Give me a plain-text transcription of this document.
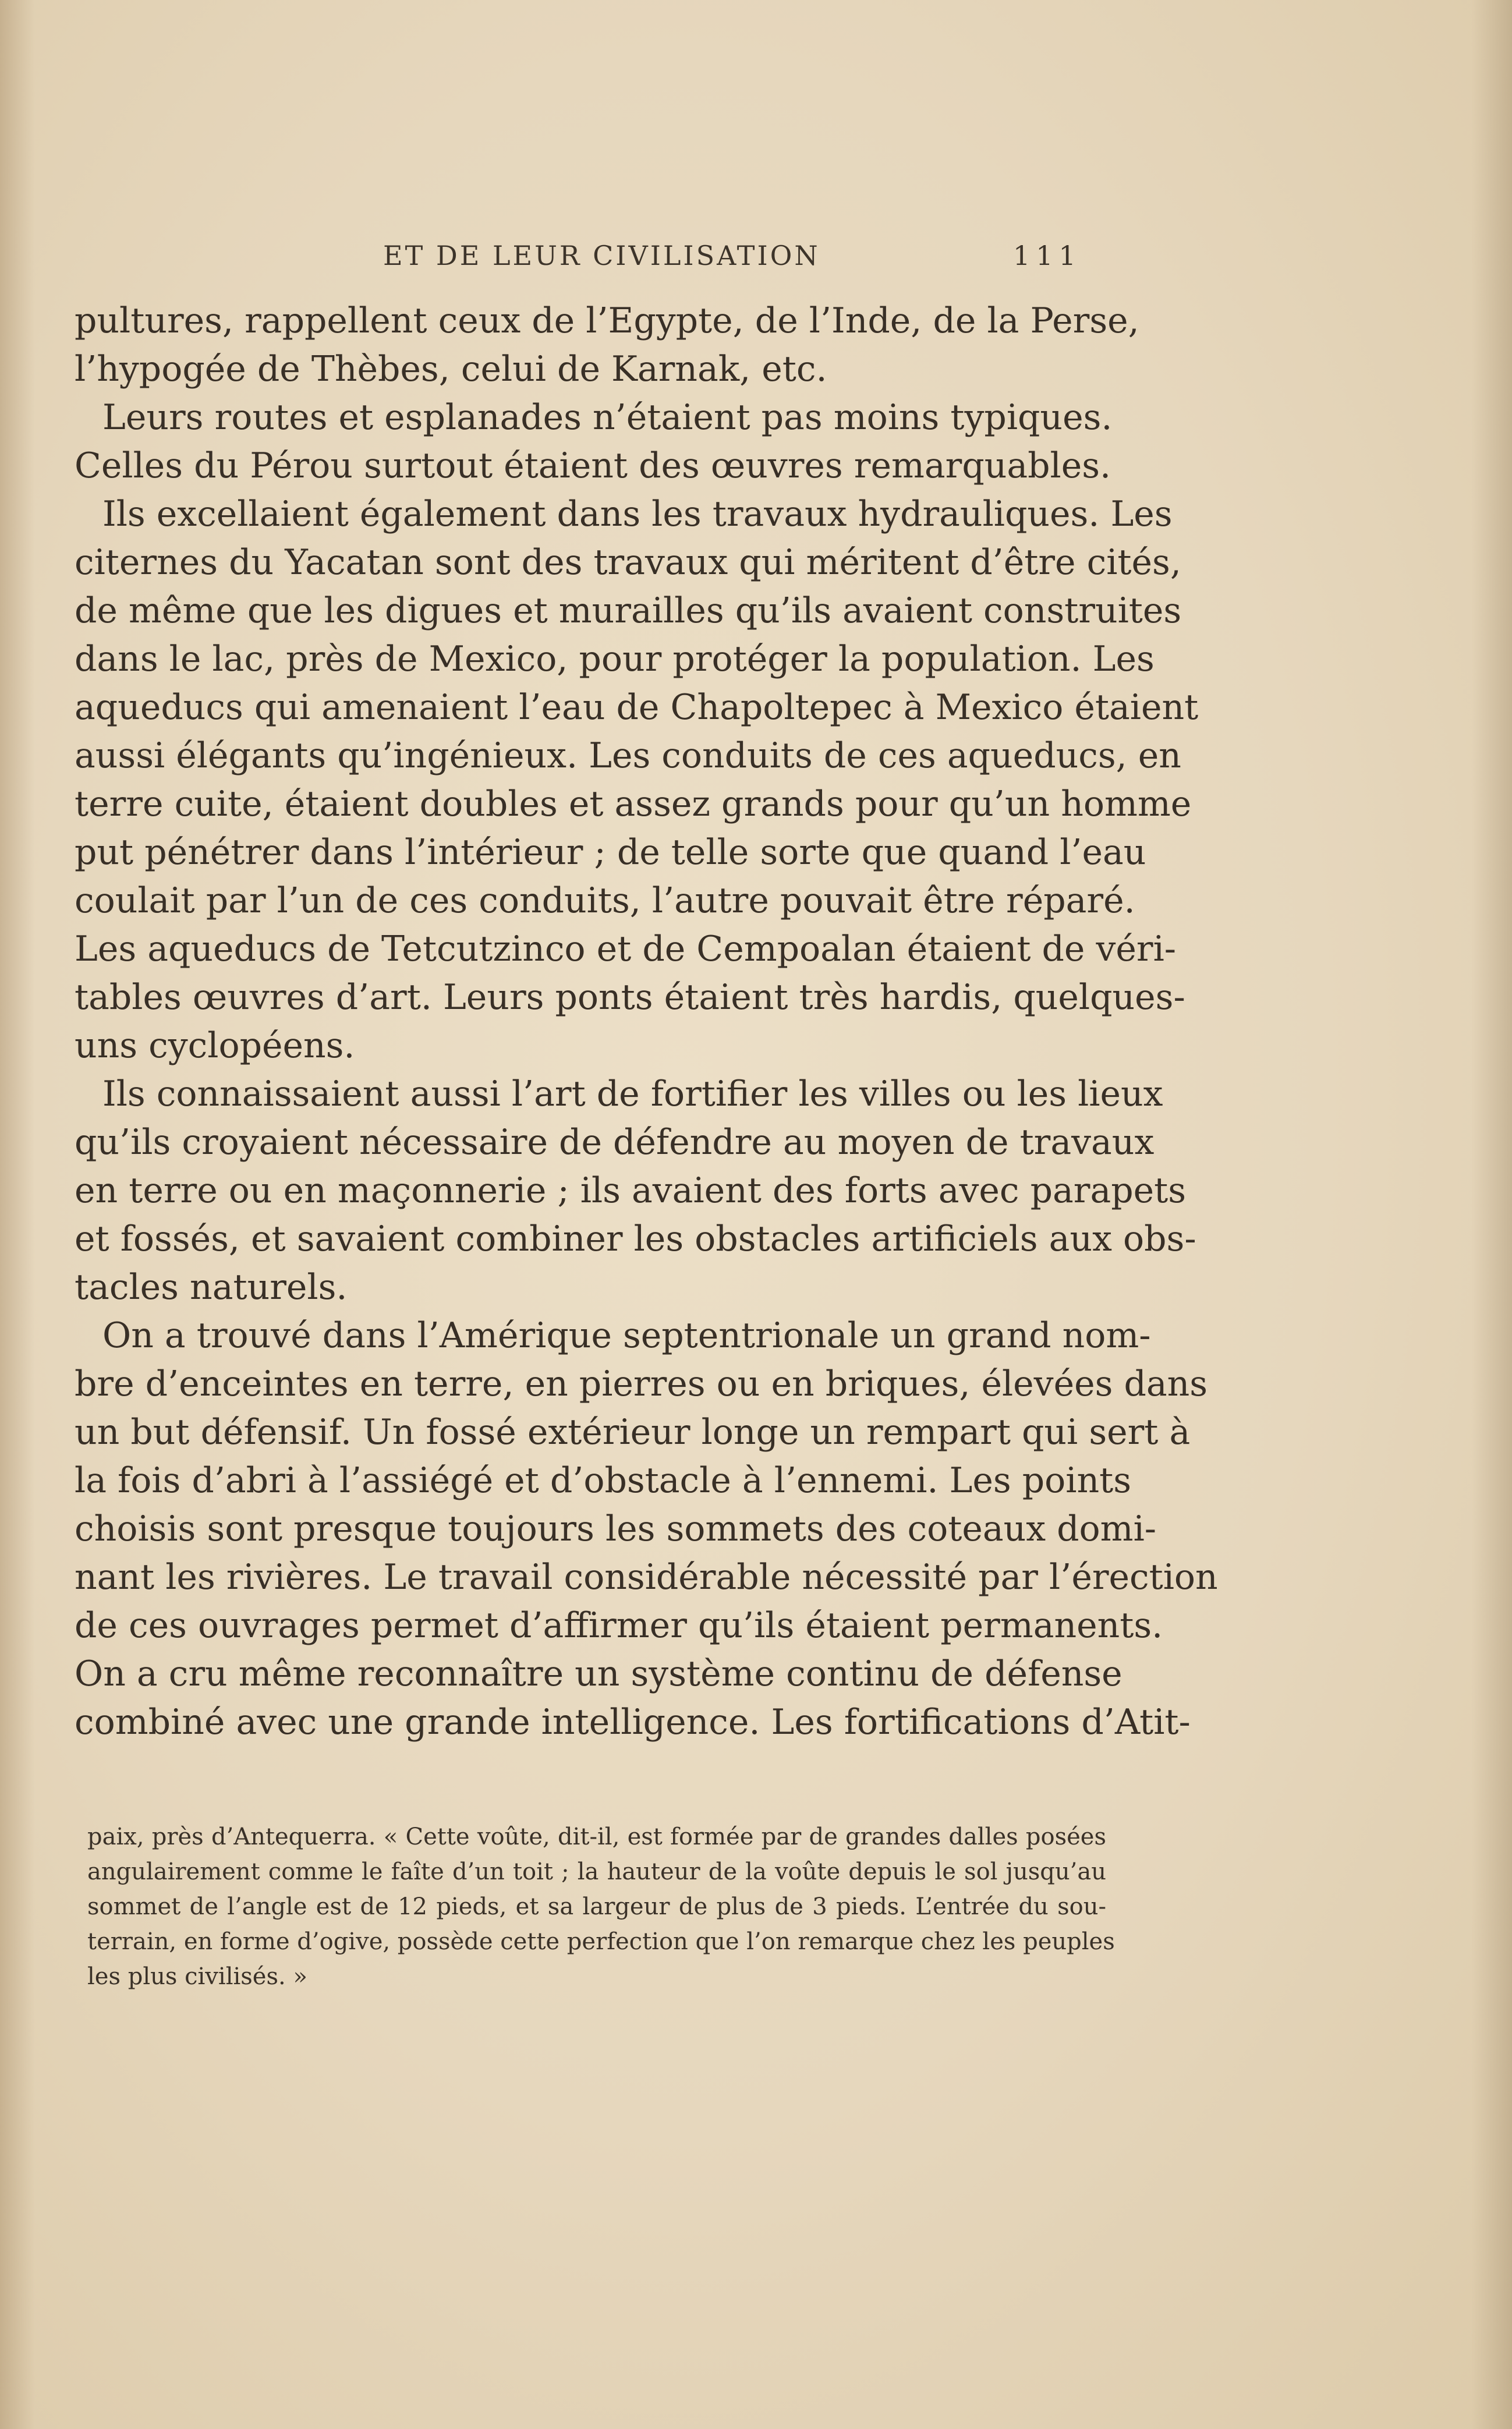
ET DE LEUR CIVILISATION	111
pultures, rappellent ceux de l’Egypte, de l’Inde, de la Perse,
l’hypogée de Thèbes, celui de Karnak, etc.
Leurs routes et esplanades n’étaient pas moins typiques.
Celles du Pérou surtout étaient des œuvres remarquables.
Ils excellaient également dans les travaux hydrauliques. Les
citernes du Yacatan sont des travaux qui méritent d’être cités,
de même que les digues et murailles qu’ils avaient construites
dans le lac, près de Mexico, pour protéger la population. Les
aqueducs qui amenaient l’eau de Chapoltepec à Mexico étaient
aussi élégants qu’ingénieux. Les conduits de ces aqueducs, en
terre cuite, étaient doubles et assez grands pour qu’un homme
put pénétrer dans l’intérieur ; de telle sorte que quand l’eau
coulait par l’un de ces conduits, l’autre pouvait être réparé.
Les aqueducs de Tetcutzinco et de Cempoalan étaient de véri-
tables œuvres d’art. Leurs ponts étaient très hardis, quelques-
uns cyclopéens.
Ils connaissaient aussi l’art de fortifier les villes ou les lieux
qu’ils croyaient nécessaire de défendre au moyen de travaux
en terre ou en maçonnerie ; ils avaient des forts avec parapets
et fossés, et savaient combiner les obstacles artificiels aux obs-
tacles naturels.
On a trouvé dans l’Amérique septentrionale un grand nom-
bre d’enceintes en terre, en pierres ou en briques, élevées dans
un but défensif. Un fossé extérieur longe un rempart qui sert à
la fois d’abri à l’assiégé et d’obstacle à l’ennemi. Les points
choisis sont presque toujours les sommets des coteaux domi-
nant les rivières. Le travail considérable nécessité par l’érection
de ces ouvrages permet d’affirmer qu’ils étaient permanents.
On a cru même reconnaître un système continu de défense
combiné avec une grande intelligence. Les fortifications d’Atit-
paix, près d’Antequerra. « Cette voûte, dit-il, est formée par de grandes dalles posées
angulairement comme le faîte d’un toit ; la hauteur de la voûte depuis le sol jusqu’au
sommet de l’angle est de 12 pieds, et sa largeur de plus de 3 pieds. L’entrée du sou-
terrain, en forme d’ogive, possède cette perfection que l’on remarque chez les peuples
les plus civilisés. »
